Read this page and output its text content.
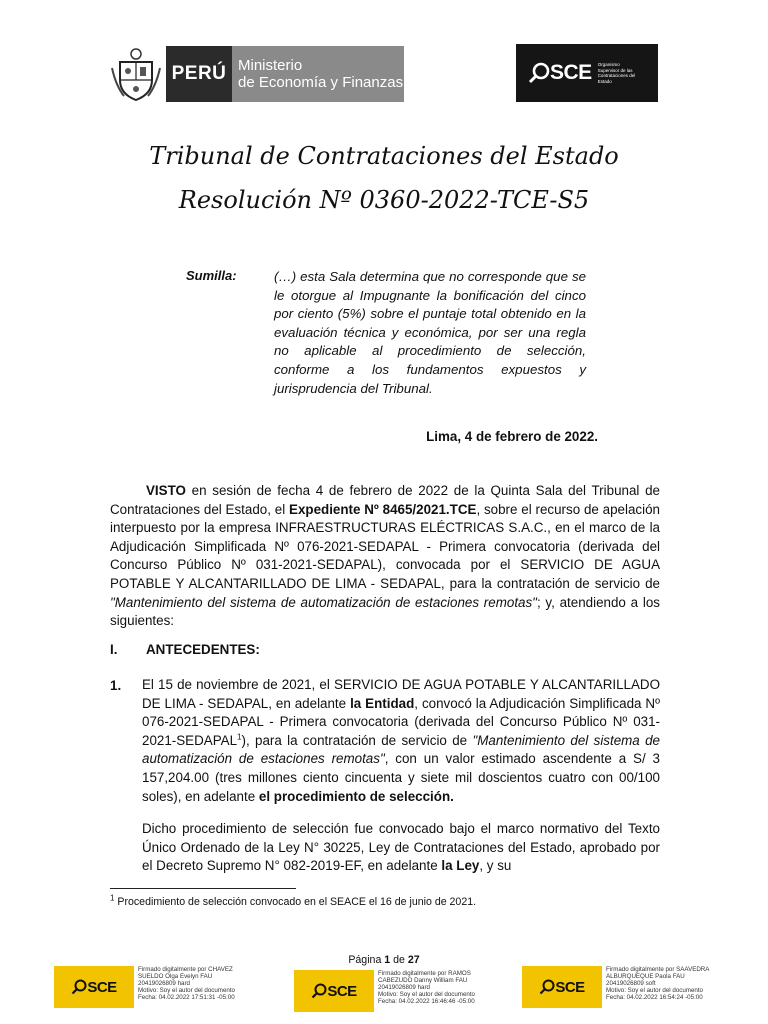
PERÚ Ministerio
de Economía y Finanzas	SCE Organismo Supervisor de las Contrataciones del Estado
Tribunal de Contrataciones del Estado
Resolución Nº 0360-2022-TCE-S5
Sumilla:	(…) esta Sala determina que no corresponde que se le otorgue al Impugnante la bonificación del cinco por ciento (5%) sobre el puntaje total obtenido en la evaluación técnica y económica, por ser una regla no aplicable al procedimiento de selección, conforme a los fundamentos expuestos y jurisprudencia del Tribunal.
Lima, 4 de febrero de 2022.
VISTO en sesión de fecha 4 de febrero de 2022 de la Quinta Sala del Tribunal de Contrataciones del Estado, el Expediente Nº 8465/2021.TCE, sobre el recurso de apelación interpuesto por la empresa INFRAESTRUCTURAS ELÉCTRICAS S.A.C., en el marco de la Adjudicación Simplificada Nº 076-2021-SEDAPAL - Primera convocatoria (derivada del Concurso Público Nº 031-2021-SEDAPAL), convocada por el SERVICIO DE AGUA POTABLE Y ALCANTARILLADO DE LIMA - SEDAPAL, para la contratación de servicio de "Mantenimiento del sistema de automatización de estaciones remotas"; y, atendiendo a los siguientes:
I. ANTECEDENTES:
1. El 15 de noviembre de 2021, el SERVICIO DE AGUA POTABLE Y ALCANTARILLADO DE LIMA - SEDAPAL, en adelante la Entidad, convocó la Adjudicación Simplificada Nº 076-2021-SEDAPAL - Primera convocatoria (derivada del Concurso Público Nº 031-2021-SEDAPAL$^1$), para la contratación de servicio de "Mantenimiento del sistema de automatización de estaciones remotas", con un valor estimado ascendente a S/ 3 157,204.00 (tres millones ciento cincuenta y siete mil doscientos cuatro con 00/100 soles), en adelante el procedimiento de selección.
Dicho procedimiento de selección fue convocado bajo el marco normativo del Texto Único Ordenado de la Ley N° 30225, Ley de Contrataciones del Estado, aprobado por el Decreto Supremo N° 082-2019-EF, en adelante la Ley, y su
$^1$ Procedimiento de selección convocado en el SEACE el 16 de junio de 2021.
Página 1 de 27
SCE
Firmado digitalmente por CHAVEZ
SUELDO Olga Evelyn FAU
20419026809 hard
Motivo: Soy el autor del documento
Fecha: 04.02.2022 17:51:31 -05:00	SCE
Firmado digitalmente por RAMOS
CABEZUDO Danny William FAU
20419026809 hard
Motivo: Soy el autor del documento
Fecha: 04.02.2022 16:46:46 -05:00
SCE
Firmado digitalmente por SAAVEDRA
ALBURQUEQUE Paola FAU
20419026809 soft
Motivo: Soy el autor del documento
Fecha: 04.02.2022 16:54:24 -05:00
